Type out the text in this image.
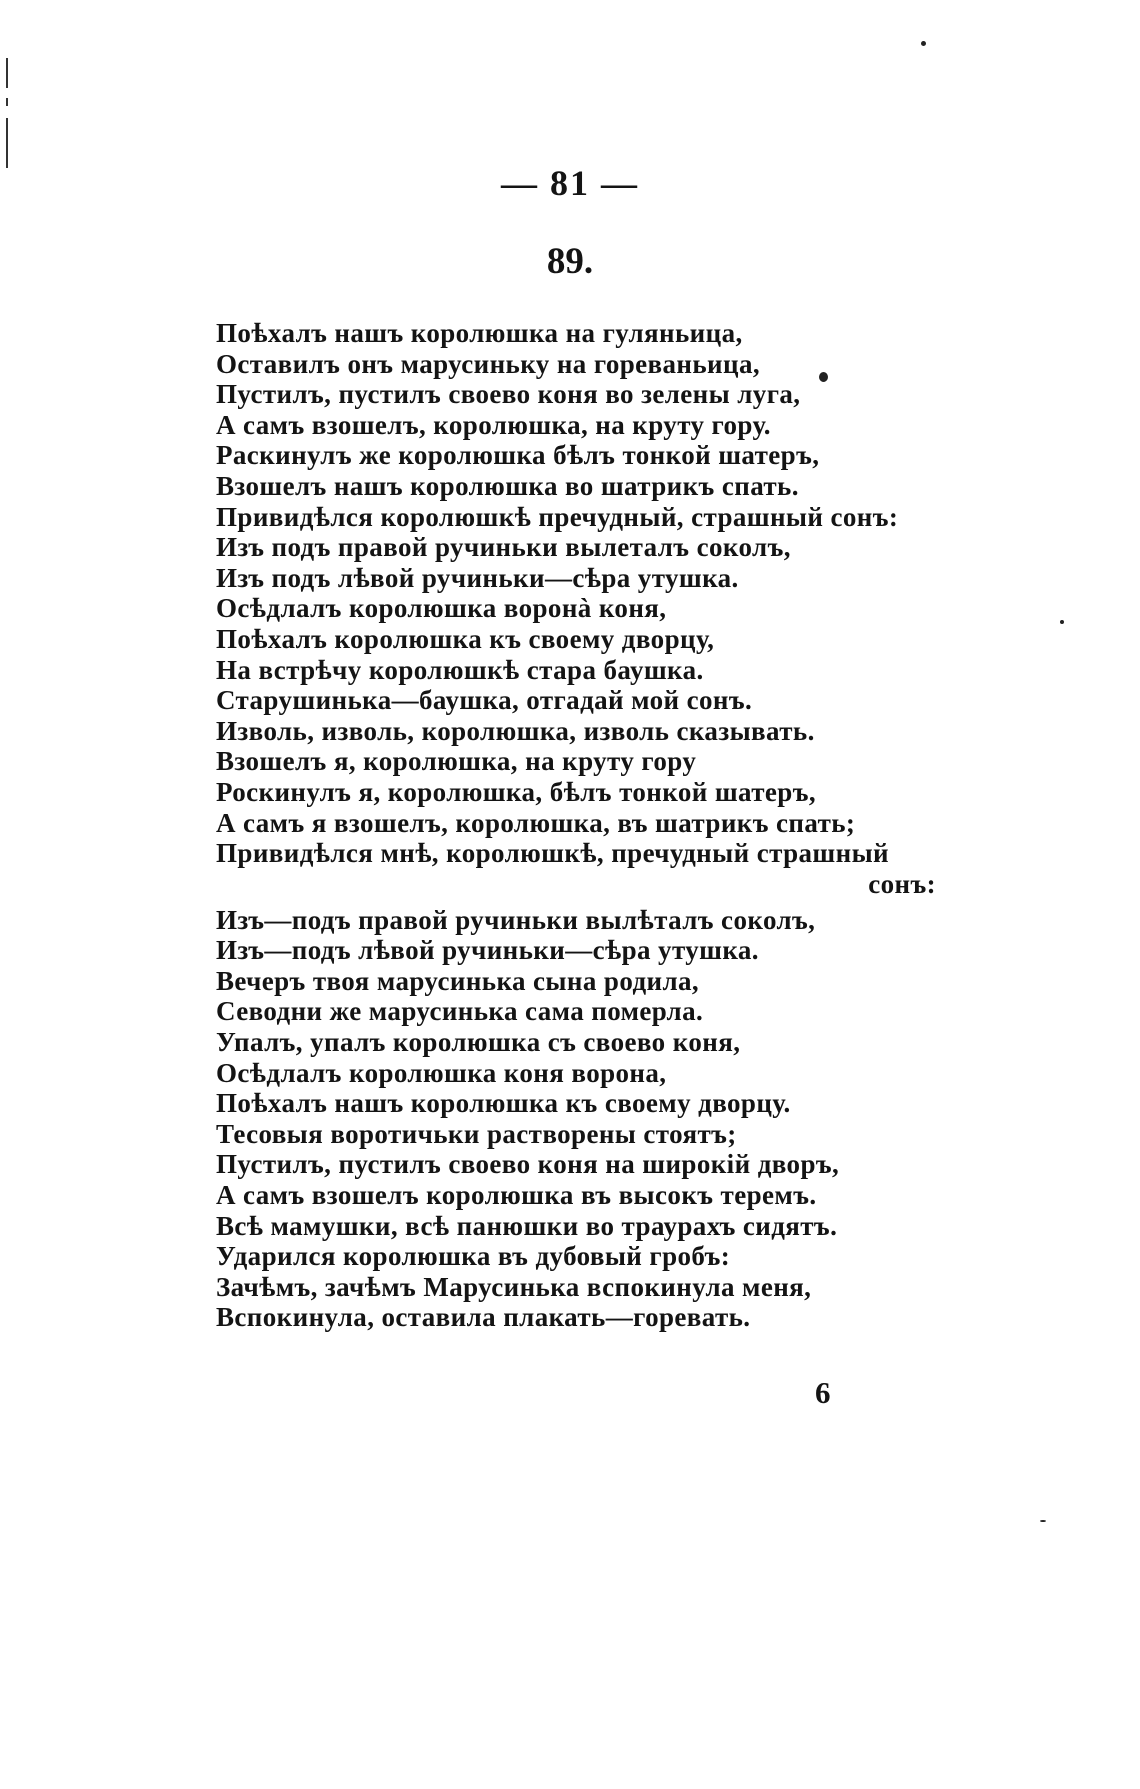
— 81 —
89.
Поѣхалъ нашъ королюшка на гуляньица,
Оставилъ онъ марусиньку на гореваньица,
Пустилъ, пустилъ своево коня во зелены луга,
А самъ взошелъ, королюшка, на круту гору.
Раскинулъ же королюшка бѣлъ тонкой шатеръ,
Взошелъ нашъ королюшка во шатрикъ спать.
Привидѣлся королюшкѣ пречудный, страшный сонъ:
Изъ подъ правой ручиньки вылеталъ соколъ,
Изъ подъ лѣвой ручиньки—сѣра утушка.
Осѣдлалъ королюшка воронà коня,
Поѣхалъ королюшка къ своему дворцу,
На встрѣчу королюшкѣ стара баушка.
Старушинька—баушка, отгадай мой сонъ.
Изволь, изволь, королюшка, изволь сказывать.
Взошелъ я, королюшка, на круту гору
Роскинулъ я, королюшка, бѣлъ тонкой шатеръ,
А самъ я взошелъ, королюшка, въ шатрикъ спать;
Привидѣлся мнѣ, королюшкѣ, пречудный страшный
сонъ:
Изъ—подъ правой ручиньки вылѣталъ соколъ,
Изъ—подъ лѣвой ручиньки—сѣра утушка.
Вечеръ твоя марусинька сына родила,
Севодни же марусинька сама померла.
Упалъ, упалъ королюшка съ своево коня,
Осѣдлалъ королюшка коня ворона,
Поѣхалъ нашъ королюшка къ своему дворцу.
Тесовыя воротичьки растворены стоятъ;
Пустилъ, пустилъ своево коня на широкій дворъ,
А самъ взошелъ королюшка въ высокъ теремъ.
Всѣ мамушки, всѣ панюшки во траурахъ сидятъ.
Ударился королюшка въ дубовый гробъ:
Зачѣмъ, зачѣмъ Марусинька вспокинула меня,
Вспокинула, оставила плакать—горевать.
6
